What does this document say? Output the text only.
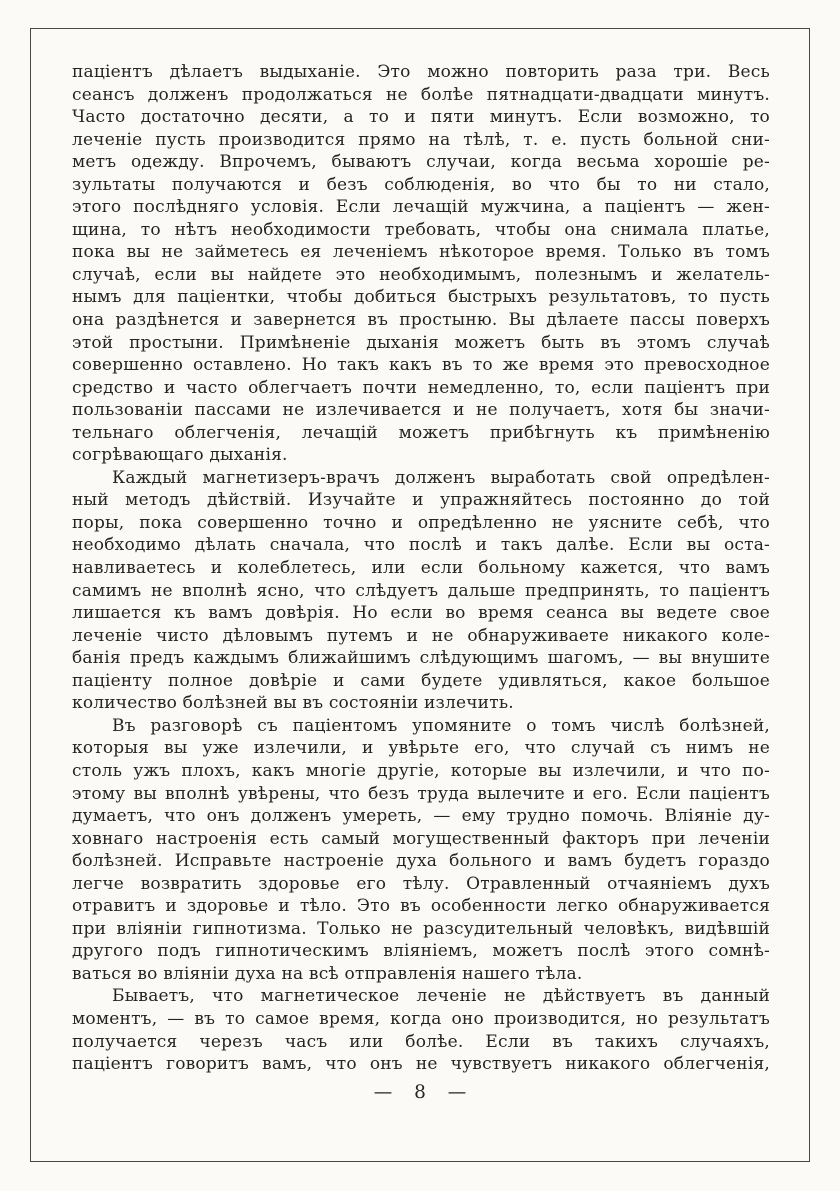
паціентъ дѣлаетъ выдыханіе. Это можно повторить раза три. Весь
сеансъ долженъ продолжаться не болѣе пятнадцати-двадцати минутъ.
Часто достаточно десяти, а то и пяти минутъ. Если возможно, то
леченіе пусть производится прямо на тѣлѣ, т. е. пусть больной сни-
метъ одежду. Впрочемъ, бываютъ случаи, когда весьма хорошіе ре-
зультаты получаются и безъ соблюденія, во что бы то ни стало,
этого послѣдняго условія. Если лечащій мужчина, а паціентъ — жен-
щина, то нѣтъ необходимости требовать, чтобы она снимала платье,
пока вы не займетесь ея леченіемъ нѣкоторое время. Только въ томъ
случаѣ, если вы найдете это необходимымъ, полезнымъ и желатель-
нымъ для паціентки, чтобы добиться быстрыхъ результатовъ, то пусть
она раздѣнется и завернется въ простыню. Вы дѣлаете пассы поверхъ
этой простыни. Примѣненіе дыханія можетъ быть въ этомъ случаѣ
совершенно оставлено. Но такъ какъ въ то же время это превосходное
средство и часто облегчаетъ почти немедленно, то, если паціентъ при
пользованіи пассами не излечивается и не получаетъ, хотя бы значи-
тельнаго облегченія, лечащій можетъ прибѣгнуть къ примѣненію
согрѣвающаго дыханія.
Каждый магнетизеръ-врачъ долженъ выработать свой опредѣлен-
ный методъ дѣйствій. Изучайте и упражняйтесь постоянно до той
поры, пока совершенно точно и опредѣленно не уясните себѣ, что
необходимо дѣлать сначала, что послѣ и такъ далѣе. Если вы оста-
навливаетесь и колеблетесь, или если больному кажется, что вамъ
самимъ не вполнѣ ясно, что слѣдуетъ дальше предпринять, то паціентъ
лишается къ вамъ довѣрія. Но если во время сеанса вы ведете свое
леченіе чисто дѣловымъ путемъ и не обнаруживаете никакого коле-
банія предъ каждымъ ближайшимъ слѣдующимъ шагомъ, — вы внушите
паціенту полное довѣріе и сами будете удивляться, какое большое
количество болѣзней вы въ состояніи излечить.
Въ разговорѣ съ паціентомъ упомяните о томъ числѣ болѣзней,
которыя вы уже излечили, и увѣрьте его, что случай съ нимъ не
столь ужъ плохъ, какъ многіе другіе, которые вы излечили, и что по-
этому вы вполнѣ увѣрены, что безъ труда вылечите и его. Если паціентъ
думаетъ, что онъ долженъ умереть, — ему трудно помочь. Вліяніе ду-
ховнаго настроенія есть самый могущественный факторъ при леченіи
болѣзней. Исправьте настроеніе духа больного и вамъ будетъ гораздо
легче возвратить здоровье его тѣлу. Отравленный отчаяніемъ духъ
отравитъ и здоровье и тѣло. Это въ особенности легко обнаруживается
при вліяніи гипнотизма. Только не разсудительный человѣкъ, видѣвшій
другого подъ гипнотическимъ вліяніемъ, можетъ послѣ этого сомнѣ-
ваться во вліяніи духа на всѣ отправленія нашего тѣла.
Бываетъ, что магнетическое леченіе не дѣйствуетъ въ данный
моментъ, — въ то самое время, когда оно производится, но результатъ
получается черезъ часъ или болѣе. Если въ такихъ случаяхъ,
паціентъ говоритъ вамъ, что онъ не чувствуетъ никакого облегченія,
— 8 —
